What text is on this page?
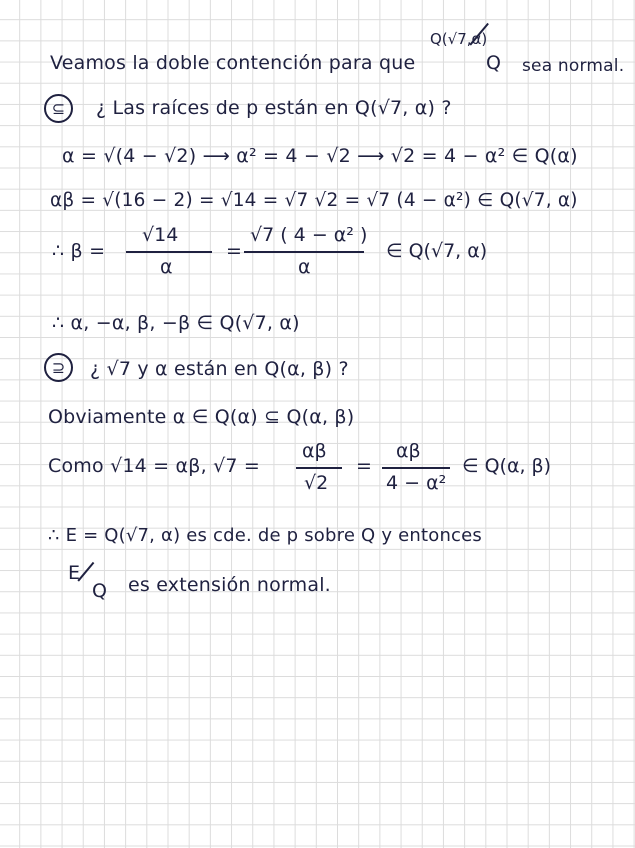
Veamos la doble contención para que
Q(√7,α)
Q sea normal.
⊆	¿ Las raíces de p están en Q(√7, α) ?
α = √(4 − √2) ⟶ α² = 4 − √2 ⟶ √2 = 4 − α² ∈ Q(α)
αβ = √(16 − 2) = √14 = √7 √2 = √7 (4 − α²) ∈ Q(√7, α)
∴ β =
√14
α
=
√7 ( 4 − α² )
α
∈ Q(√7, α)
∴ α, −α, β, −β ∈ Q(√7, α)
⊇	¿ √7 y α están en Q(α, β) ?
Obviamente α ∈ Q(α) ⊆ Q(α, β)
Como √14 = αβ, √7 =
αβ
√2
=
αβ
4 − α²
∈ Q(α, β)
∴ E = Q(√7, α) es cde. de p sobre Q y entonces
E
Q es extensión normal.
